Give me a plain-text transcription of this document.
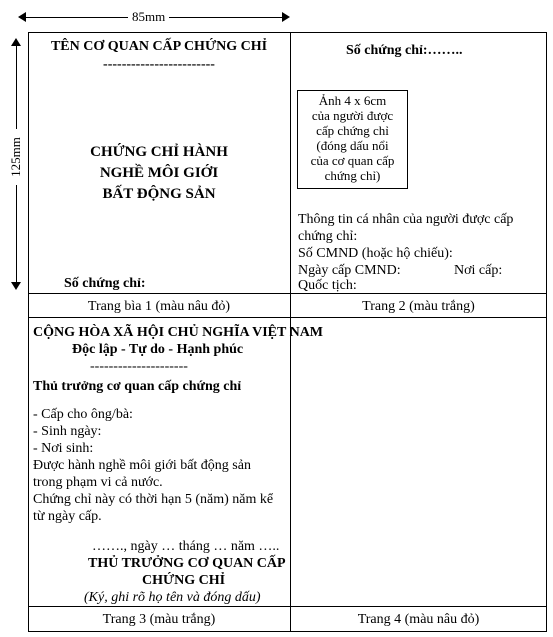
85mm
125mm
TÊN CƠ QUAN CẤP CHỨNG CHỈ
------------------------
CHỨNG CHỈ HÀNH
NGHỀ MÔI GIỚI
BẤT ĐỘNG SẢN
Số chứng chỉ:
Trang bìa 1 (màu nâu đỏ)
Số chứng chỉ:……..
Ảnh 4 x 6cm
của người được
cấp chứng chỉ
(đóng dấu nổi
của cơ quan cấp
chứng chỉ)
Thông tin cá nhân của người được cấp
chứng chỉ:
Số CMND (hoặc hộ chiếu):
Ngày cấp CMND:	Nơi cấp:
Quốc tịch:
Trang 2 (màu trắng)
CỘNG HÒA XÃ HỘI CHỦ NGHĨA VIỆT NAM
Độc lập - Tự do - Hạnh phúc
---------------------
Thủ trưởng cơ quan cấp chứng chỉ
- Cấp cho ông/bà:
- Sinh ngày:
- Nơi sinh:
Được hành nghề môi giới bất động sản
trong phạm vi cả nước.
Chứng chỉ này có thời hạn 5 (năm) năm kể
từ ngày cấp.
……., ngày … tháng … năm …..
THỦ TRƯỞNG CƠ QUAN CẤP
CHỨNG CHỈ
(Ký, ghi rõ họ tên và đóng dấu)
Trang 3 (màu trắng)	Trang 4 (màu nâu đỏ)
